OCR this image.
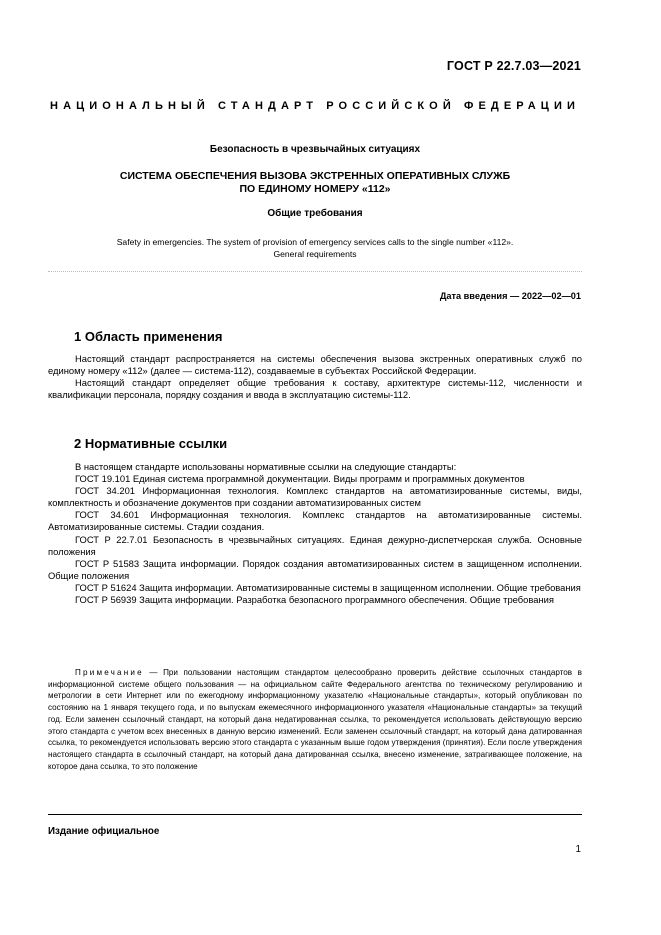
ГОСТ Р 22.7.03—2021
НАЦИОНАЛЬНЫЙ СТАНДАРТ РОССИЙСКОЙ ФЕДЕРАЦИИ
Безопасность в чрезвычайных ситуациях
СИСТЕМА ОБЕСПЕЧЕНИЯ ВЫЗОВА ЭКСТРЕННЫХ ОПЕРАТИВНЫХ СЛУЖБ
ПО ЕДИНОМУ НОМЕРУ «112»
Общие требования
Safety in emergencies. The system of provision of emergency services calls to the single number «112».
General requirements
Дата введения — 2022—02—01
1 Область применения

Настоящий стандарт распространяется на системы обеспечения вызова экстренных оперативных служб по единому номеру «112» (далее — система-112), создаваемые в субъектах Российской Федерации.

Настоящий стандарт определяет общие требования к составу, архитектуре системы-112, численности и квалификации персонала, порядку создания и ввода в эксплуатацию системы-112.

2 Нормативные ссылки

В настоящем стандарте использованы нормативные ссылки на следующие стандарты:

ГОСТ 19.101 Единая система программной документации. Виды программ и программных документов

ГОСТ 34.201 Информационная технология. Комплекс стандартов на автоматизированные системы, виды, комплектность и обозначение документов при создании автоматизированных систем

ГОСТ 34.601 Информационная технология. Комплекс стандартов на автоматизированные системы. Автоматизированные системы. Стадии создания.

ГОСТ Р 22.7.01 Безопасность в чрезвычайных ситуациях. Единая дежурно-диспетчерская служба. Основные положения

ГОСТ Р 51583 Защита информации. Порядок создания автоматизированных систем в защищенном исполнении. Общие положения

ГОСТ Р 51624 Защита информации. Автоматизированные системы в защищенном исполнении. Общие требования

ГОСТ Р 56939 Защита информации. Разработка безопасного программного обеспечения. Общие требования

Примечание — При пользовании настоящим стандартом целесообразно проверить действие ссылочных стандартов в информационной системе общего пользования — на официальном сайте Федерального агентства по техническому регулированию и метрологии в сети Интернет или по ежегодному информационному указателю «Национальные стандарты», который опубликован по состоянию на 1 января текущего года, и по выпускам ежемесячного информационного указателя «Национальные стандарты» за текущий год. Если заменен ссылочный стандарт, на который дана недатированная ссылка, то рекомендуется использовать действующую версию этого стандарта с учетом всех внесенных в данную версию изменений. Если заменен ссылочный стандарт, на который дана датированная ссылка, то рекомендуется использовать версию этого стандарта с указанным выше годом утверждения (принятия). Если после утверждения настоящего стандарта в ссылочный стандарт, на который дана датированная ссылка, внесено изменение, затрагивающее положение, на которое дана ссылка, то это положение

Издание официальное
1
